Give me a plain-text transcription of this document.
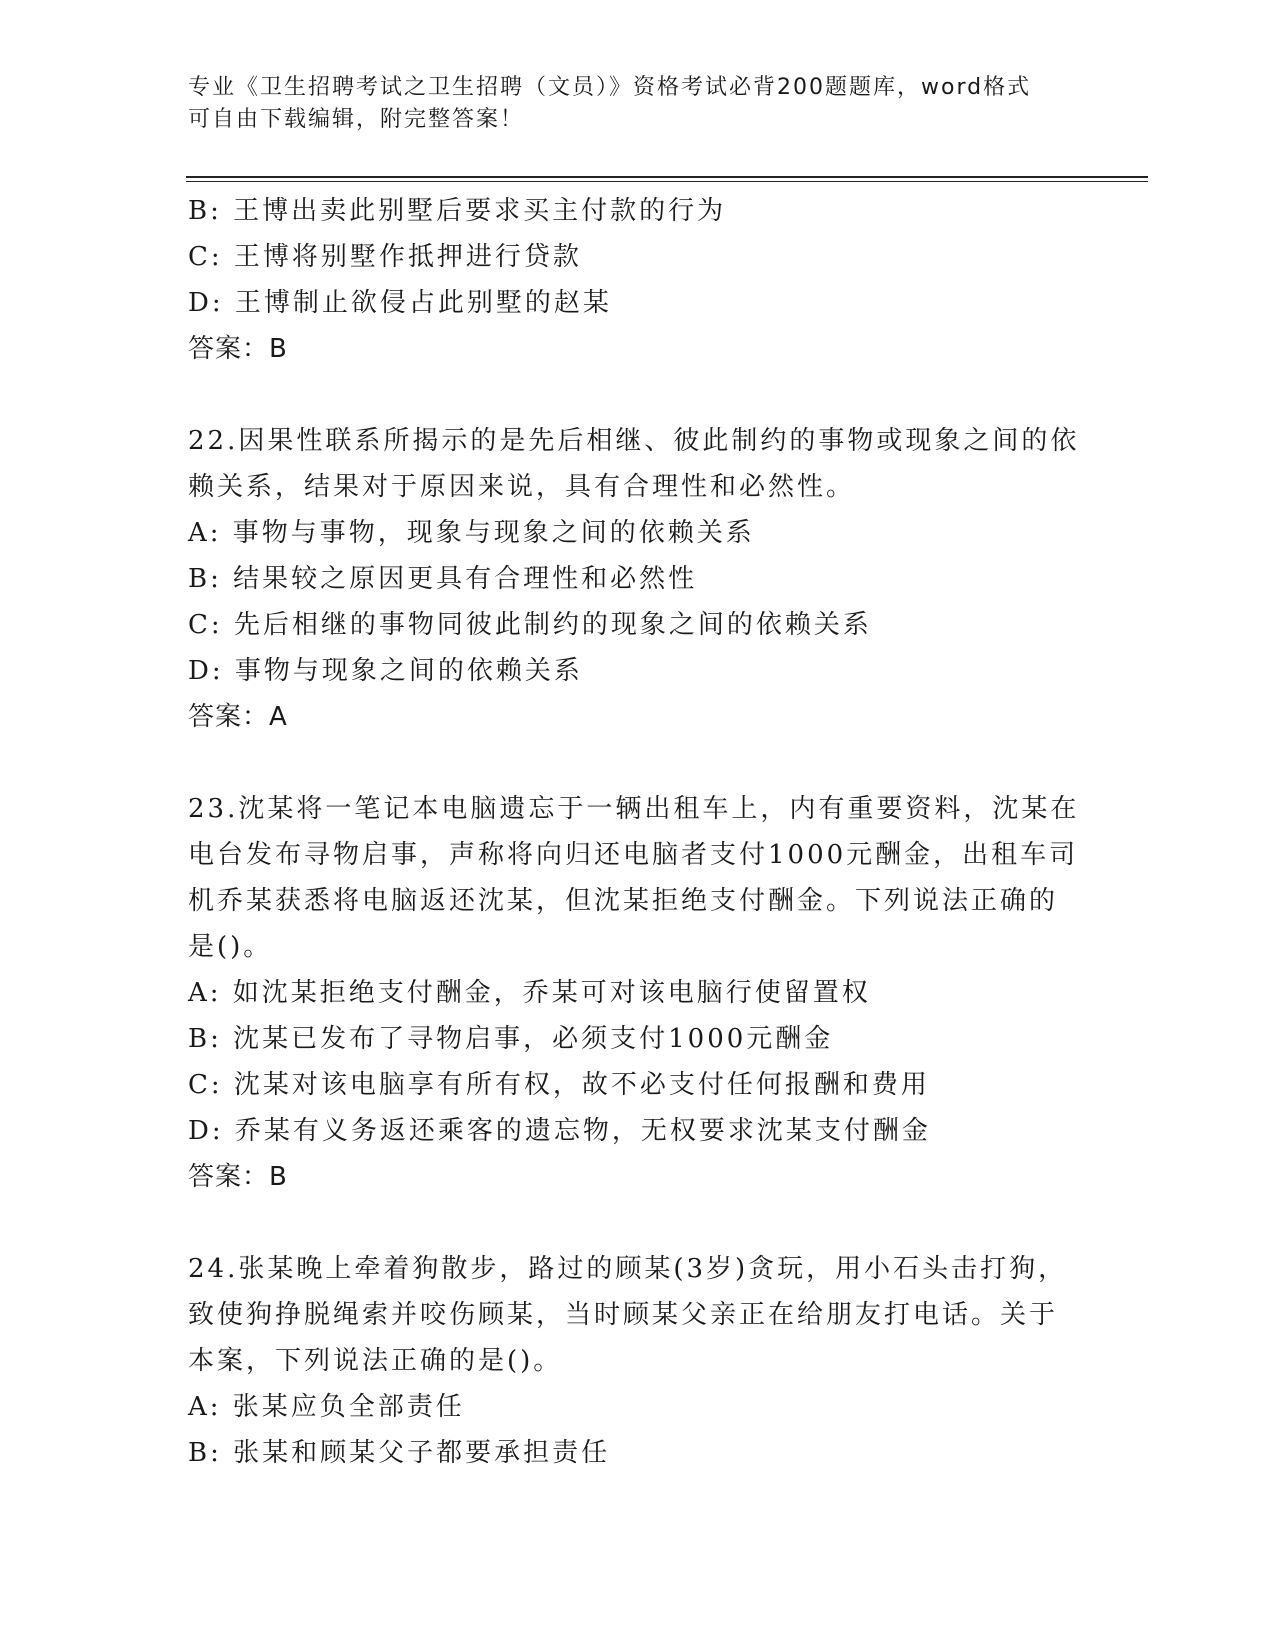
专业《卫生招聘考试之卫生招聘（文员）》资格考试必背200题题库，word格式
可自由下载编辑，附完整答案！
B: 王博出卖此别墅后要求买主付款的行为
C: 王博将别墅作抵押进行贷款
D: 王博制止欲侵占此别墅的赵某
答案：B
22.因果性联系所揭示的是先后相继、彼此制约的事物或现象之间的依
赖关系，结果对于原因来说，具有合理性和必然性。
A: 事物与事物，现象与现象之间的依赖关系
B: 结果较之原因更具有合理性和必然性
C: 先后相继的事物同彼此制约的现象之间的依赖关系
D: 事物与现象之间的依赖关系
答案：A
23.沈某将一笔记本电脑遗忘于一辆出租车上，内有重要资料，沈某在
电台发布寻物启事，声称将向归还电脑者支付1000元酬金，出租车司
机乔某获悉将电脑返还沈某，但沈某拒绝支付酬金。下列说法正确的
是()。
A: 如沈某拒绝支付酬金，乔某可对该电脑行使留置权
B: 沈某已发布了寻物启事，必须支付1000元酬金
C: 沈某对该电脑享有所有权，故不必支付任何报酬和费用
D: 乔某有义务返还乘客的遗忘物，无权要求沈某支付酬金
答案：B
24.张某晚上牵着狗散步，路过的顾某(3岁)贪玩，用小石头击打狗，
致使狗挣脱绳索并咬伤顾某，当时顾某父亲正在给朋友打电话。关于
本案，下列说法正确的是()。
A: 张某应负全部责任
B: 张某和顾某父子都要承担责任
